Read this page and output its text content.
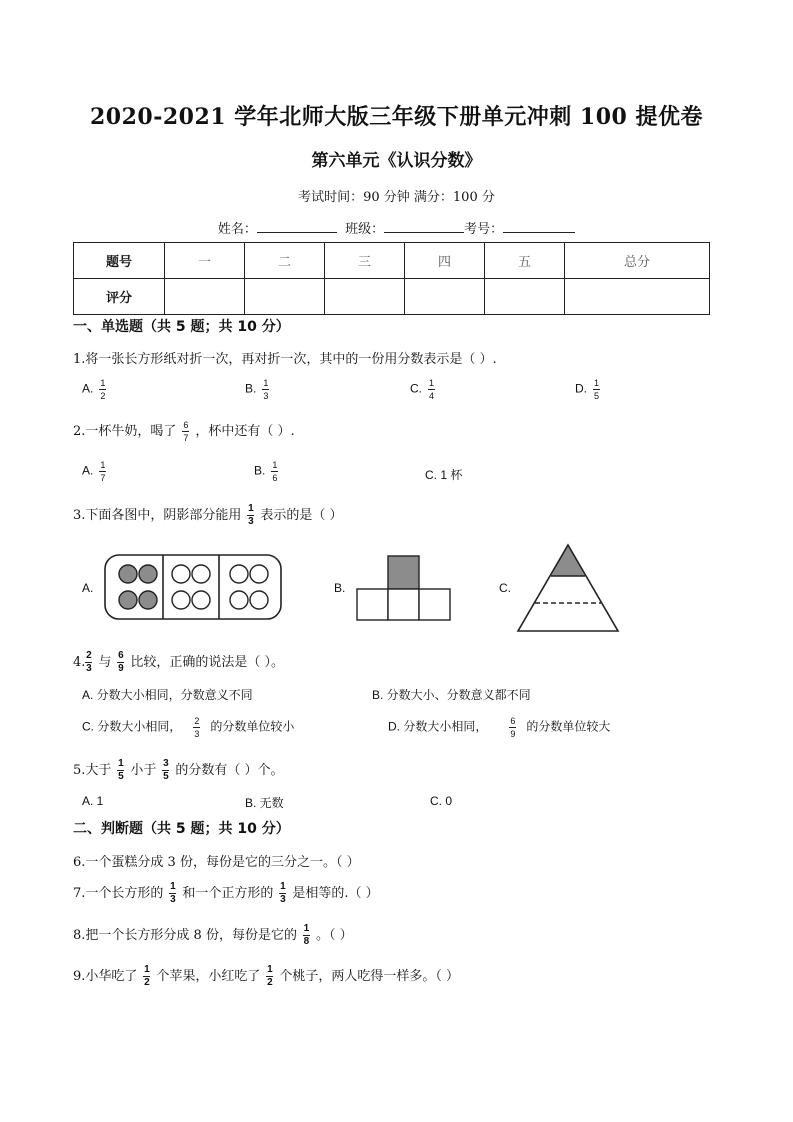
2020-2021 学年北师大版三年级下册单元冲刺 100 提优卷
第六单元《认识分数》
考试时间：90 分钟 满分：100 分
姓名：	班级：	考号：
题号	一	二	三	四	五	总分
评分						
一、单选题（共 5 题；共 10 分）
1.将一张长方形纸对折一次，再对折一次，其中的一份用分数表示是（ ）.
A. $\frac{1}{2}$	B. $\frac{1}{3}$	C. $\frac{1}{4}$	D. $\frac{1}{5}$
2.一杯牛奶，喝了 $\frac{6}{7}$ ，杯中还有（ ）.
A. $\frac{1}{7}$	B. $\frac{1}{6}$	C. 1 杯
3.下面各图中，阴影部分能用 $\frac{1}{3}$ 表示的是（ ）
A.	B.	C.
4. $\frac{2}{3}$ 与 $\frac{6}{9}$ 比较，正确的说法是（ ）。
A. 分数大小相同，分数意义不同	B. 分数大小、分数意义都不同
C. 分数大小相同， $\frac{2}{3}$ 的分数单位较小	D. 分数大小相同， $\frac{6}{9}$ 的分数单位较大
5.大于 $\frac{1}{5}$ 小于 $\frac{3}{5}$ 的分数有（ ）个。
A. 1	B. 无数	C. 0
二、判断题（共 5 题；共 10 分）
6.一个蛋糕分成 3 份，每份是它的三分之一。（ ）
7.一个长方形的 $\frac{1}{3}$ 和一个正方形的 $\frac{1}{3}$ 是相等的.（ ）
8.把一个长方形分成 8 份，每份是它的 $\frac{1}{8}$ 。（ ）
9.小华吃了 $\frac{1}{2}$ 个苹果，小红吃了 $\frac{1}{2}$ 个桃子，两人吃得一样多。（ ）
